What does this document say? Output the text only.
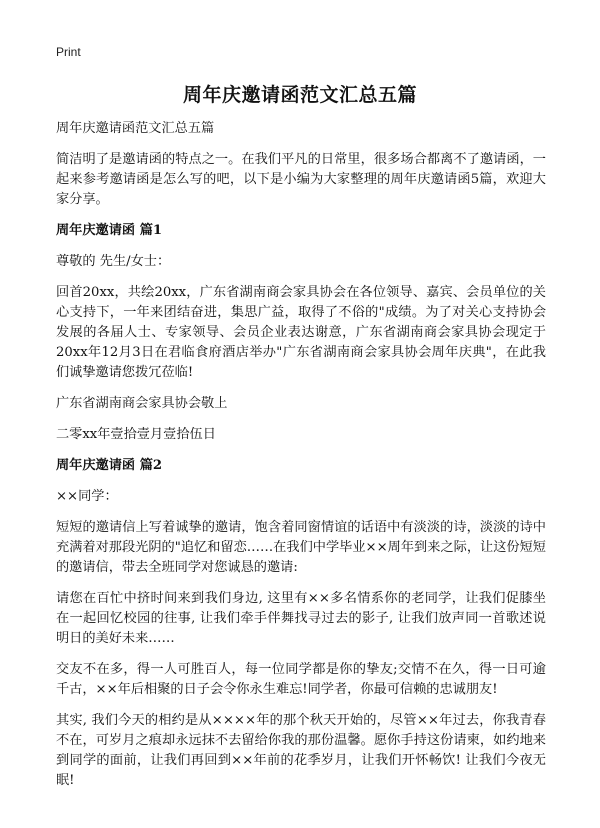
Print
周年庆邀请函范文汇总五篇

周年庆邀请函范文汇总五篇

简洁明了是邀请函的特点之一。在我们平凡的日常里，很多场合都离不了邀请函，一起来参考邀请函是怎么写的吧，以下是小编为大家整理的周年庆邀请函5篇，欢迎大家分享。

周年庆邀请函 篇1

尊敬的 先生/女士：

回首20xx，共绘20xx，广东省湖南商会家具协会在各位领导、嘉宾、会员单位的关心支持下，一年来团结奋进，集思广益，取得了不俗的"成绩。为了对关心支持协会发展的各届人士、专家领导、会员企业表达谢意，广东省湖南商会家具协会现定于20xx年12月3日在君临食府酒店举办"广东省湖南商会家具协会周年庆典"，在此我们诚挚邀请您拨冗莅临!

广东省湖南商会家具协会敬上

二零xx年壹拾壹月壹拾伍日

周年庆邀请函 篇2

××同学：

短短的邀请信上写着诚挚的邀请，饱含着同窗情谊的话语中有淡淡的诗，淡淡的诗中充满着对那段光阴的"追忆和留恋……在我们中学毕业××周年到来之际，让这份短短的邀请信，带去全班同学对您诚恳的邀请:

请您在百忙中挤时间来到我们身边, 这里有××多名情系你的老同学，让我们促膝坐在一起回忆校园的往事, 让我们牵手伴舞找寻过去的影子, 让我们放声同一首歌述说明日的美好未来……

交友不在多，得一人可胜百人，每一位同学都是你的挚友;交情不在久，得一日可逾千古，××年后相聚的日子会令你永生难忘!同学者，你最可信赖的忠诚朋友!

其实, 我们今天的相约是从××××年的那个秋天开始的，尽管××年过去，你我青春不在，可岁月之痕却永远抹不去留给你我的那份温馨。愿你手持这份请柬，如约地来到同学的面前，让我们再回到××年前的花季岁月，让我们开怀畅饮! 让我们今夜无眠!
